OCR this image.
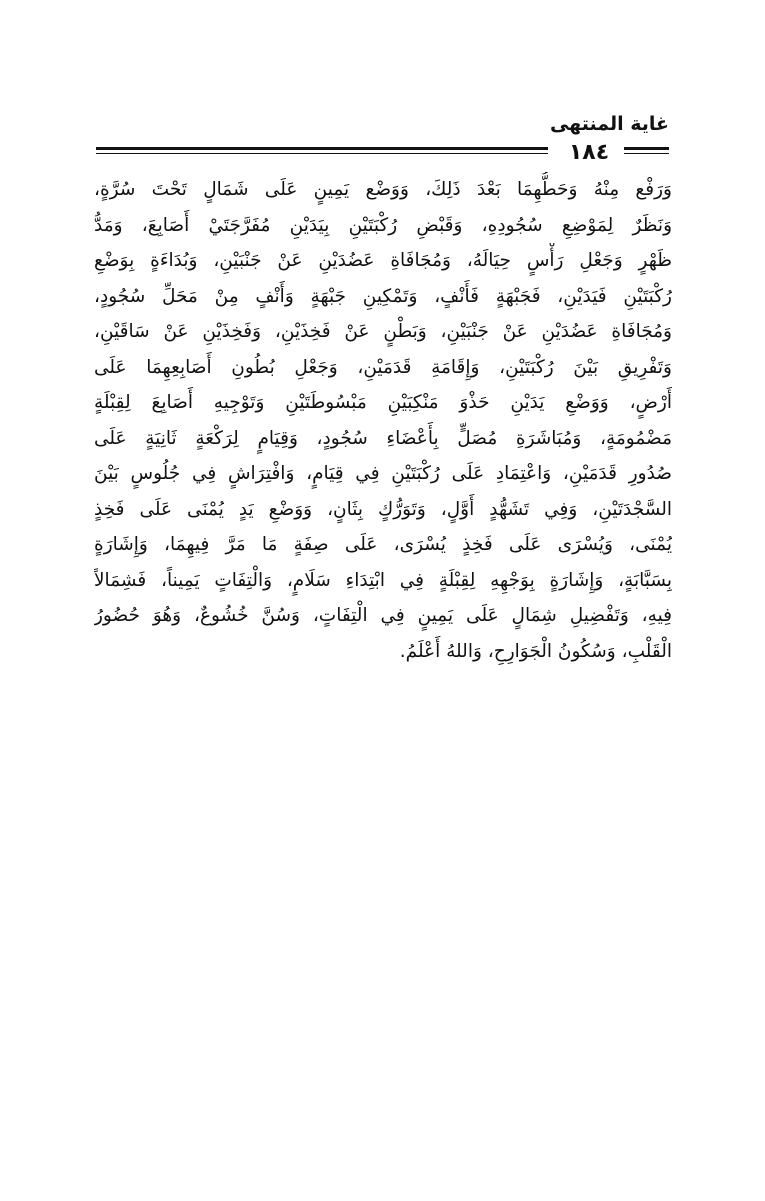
غاية المنتهى
١٨٤
وَرَفْع مِنْهُ وَحَطُّهِمَا بَعْدَ ذَلِكَ، وَوَضْع يَمِينٍ عَلَى شَمَالٍ تَحْتَ سُرَّةٍ،
وَنَظَرٌ لِمَوْضِعِ سُجُودِهِ، وَقَبْضِ رُكْبَتَيْنِ بِيَدَيْنِ مُفَرَّجَتَيْ أَصَابِعَ، وَمَدُّ
ظَهْرٍ وَجَعْلِ رَأْسٍ حِيَالَهُ، وَمُجَافَاةِ عَضُدَيْنِ عَنْ جَنْبَيْنِ، وَبُدَاءَةٍ بِوَضْعِ
رُكْبَتَيْنِ فَيَدَيْنِ، فَجَبْهَةٍ فَأَنْفٍ، وَتَمْكِينِ جَبْهَةٍ وَأَنْفٍ مِنْ مَحَلِّ سُجُودٍ،
وَمُجَافَاةِ عَضُدَيْنِ عَنْ جَنْبَيْنِ، وَبَطْنٍ عَنْ فَخِذَيْنِ، وَفَخِذَيْنِ عَنْ سَاقَيْنِ،
وَتَفْرِيقِ بَيْنَ رُكْبَتَيْنِ، وَإِقَامَةِ قَدَمَيْنِ، وَجَعْلِ بُطُونِ أَصَابِعِهِمَا عَلَى
أَرْضٍ، وَوَضْعِ يَدَيْنِ حَذْوَ مَنْكِبَيْنِ مَبْسُوطَتَيْنِ وَتَوْجِيهِ أَصَابِعَ لِقِبْلَةٍ
مَضْمُومَةٍ، وَمُبَاشَرَةِ مُصَلٍّ بِأَعْضَاءِ سُجُودٍ، وَقِيَامٍ لِرَكْعَةٍ ثَانِيَةٍ عَلَى
صُدُورِ قَدَمَيْنِ، وَاعْتِمَادِ عَلَى رُكْبَتَيْنِ فِي قِيَامٍ، وَافْتِرَاشٍ فِي جُلُوسٍ بَيْنَ
السَّجْدَتَيْنِ، وَفِي تَشَهُّدٍ أَوَّلٍ، وَتَوَرُّكٍ بِثَانٍ، وَوَضْعِ يَدٍ يُمْنَى عَلَى فَخِذٍ
يُمْنَى، وَيُسْرَى عَلَى فَخِذٍ يُسْرَى، عَلَى صِفَةٍ مَا مَرَّ فِيهِمَا، وَإِشَارَةٍ
بِسَبَّابَةٍ، وَإِشَارَةٍ بِوَجْهِهِ لِقِبْلَةٍ فِي ابْتِدَاءِ سَلَامٍ، وَالْتِفَاتٍ يَمِيناً، فَشِمَالاً
فِيهِ، وَتَفْضِيلِ شِمَالٍ عَلَى يَمِينٍ فِي الْتِفَاتٍ، وَسُنَّ خُشُوعٌ، وَهُوَ حُضُورُ
الْقَلْبِ، وَسُكُونُ الْجَوَارِحِ، وَاللهُ أَعْلَمُ.
